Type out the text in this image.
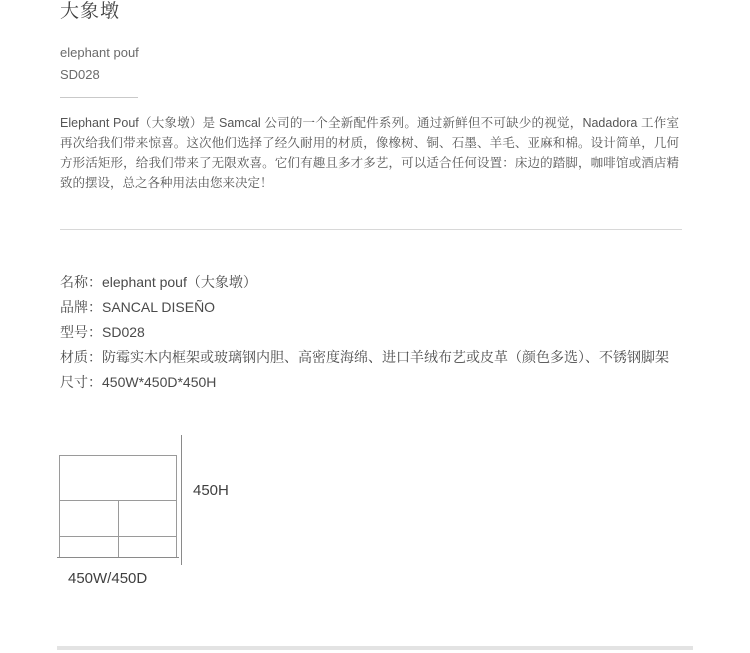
大象墩
elephant pouf
SD028

Elephant Pouf（大象墩）是 Samcal 公司的一个全新配件系列。通过新鲜但不可缺少的视觉，Nadadora 工作室再次给我们带来惊喜。这次他们选择了经久耐用的材质，像橡树、铜、石墨、羊毛、亚麻和棉。设计简单，几何方形活矩形，给我们带来了无限欢喜。它们有趣且多才多艺，可以适合任何设置：床边的踏脚，咖啡馆或酒店精致的摆设，总之各种用法由您来决定！

名称：elephant pouf（大象墩）
品牌：SANCAL DISEÑO
型号：SD028
材质：防霉实木内框架或玻璃钢内胆、高密度海绵、进口羊绒布艺或皮革（颜色多选）、不锈钢脚架
尺寸：450W*450D*450H
450H
450W/450D
